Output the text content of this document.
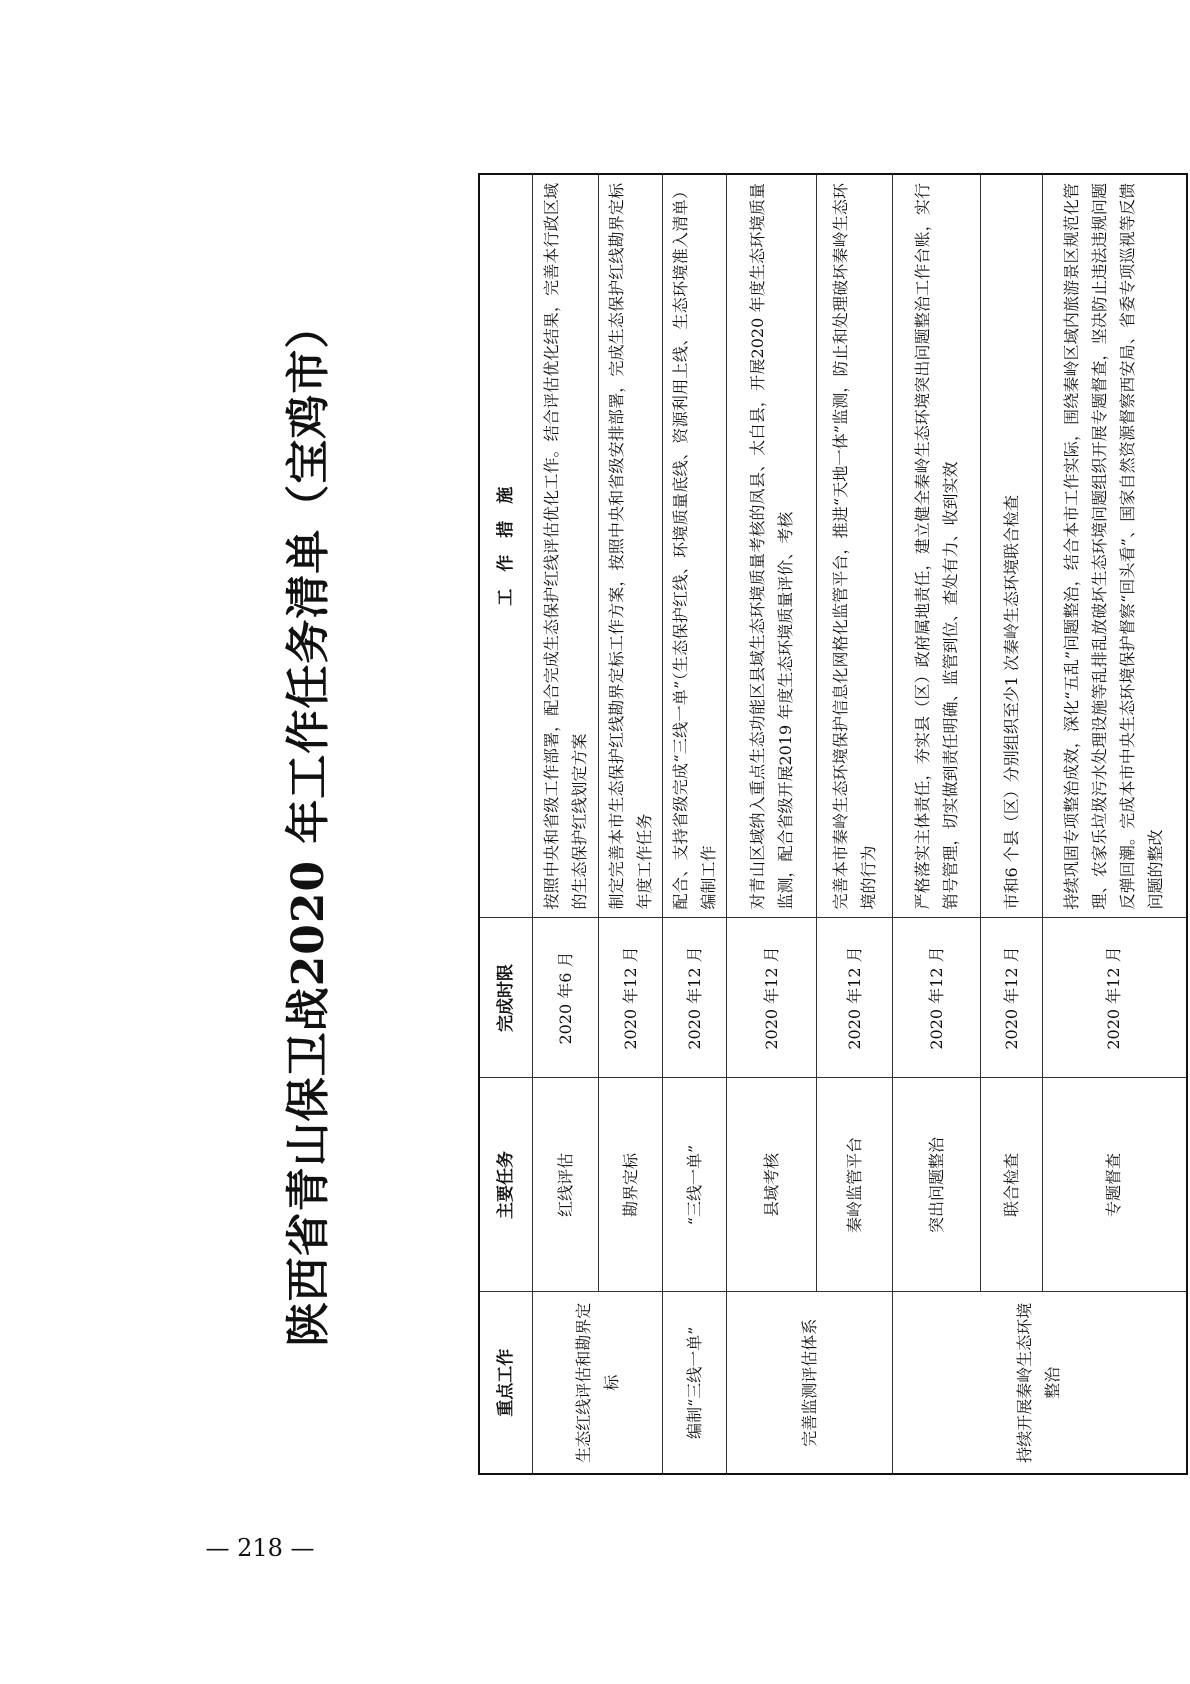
陕西省青山保卫战2020 年工作任务清单（宝鸡市）
重点工作	主要任务	完成时限	工　作　措　施
生态红线评估和勘界定标	红线评估	2020 年6 月	按照中央和省级工作部署，配合完成生态保护红线评估优化工作。结合评估优化结果，完善本行政区域的生态保护红线划定方案
	勘界定标	2020 年12 月	制定完善本市生态保护红线勘界定标工作方案，按照中央和省级安排部署，完成生态保护红线勘界定标年度工作任务
编制“三线一单”	“三线一单”	2020 年12 月	配合、支持省级完成“三线一单”（生态保护红线、环境质量底线、资源利用上线、生态环境准入清单）编制工作
完善监测评估体系	县域考核	2020 年12 月	对青山区域纳入重点生态功能区县域生态环境质量考核的凤县、太白县，开展2020 年度生态环境质量监测，配合省级开展2019 年度生态环境质量评价、考核
	秦岭监管平台	2020 年12 月	完善本市秦岭生态环境保护信息化网格化监管平台，推进“天地一体”监测，防止和处理破坏秦岭生态环境的行为
持续开展秦岭生态环境整治	突出问题整治	2020 年12 月	严格落实主体责任，夯实县（区）政府属地责任，建立健全秦岭生态环境突出问题整治工作台账，实行销号管理，切实做到责任明确、监管到位、查处有力、收到实效
	联合检查	2020 年12 月	市和6 个县（区）分别组织至少1 次秦岭生态环境联合检查
	专题督查	2020 年12 月	持续巩固专项整治成效，深化“五乱”问题整治，结合本市工作实际，围绕秦岭区域内旅游景区规范化管理、农家乐垃圾污水处理设施等乱排乱放破坏生态环境问题组织开展专题督查，坚决防止违法违规问题反弹回潮。完成本市中央生态环境保护督察“回头看”、国家自然资源督察西安局、省委专项巡视等反馈问题的整改
— 218 —
